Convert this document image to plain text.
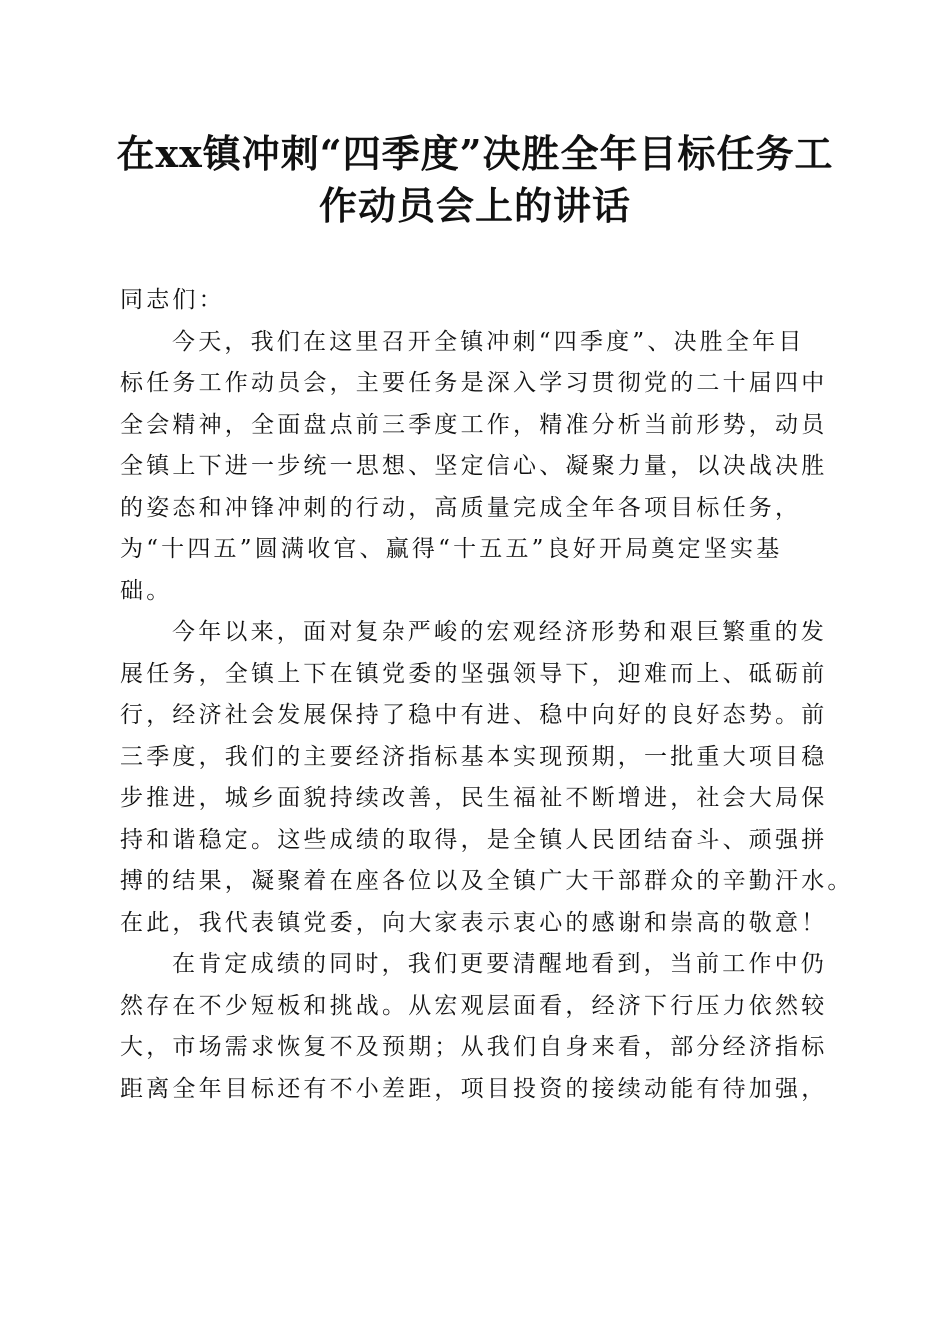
在xx镇冲刺“四季度”决胜全年目标任务工
作动员会上的讲话

同志们：

今天，我们在这里召开全镇冲刺“四季度”、决胜全年目
标任务工作动员会，主要任务是深入学习贯彻党的二十届四中
全会精神，全面盘点前三季度工作，精准分析当前形势，动员
全镇上下进一步统一思想、坚定信心、凝聚力量，以决战决胜
的姿态和冲锋冲刺的行动，高质量完成全年各项目标任务，
为“十四五”圆满收官、赢得“十五五”良好开局奠定坚实基
础。

今年以来，面对复杂严峻的宏观经济形势和艰巨繁重的发
展任务，全镇上下在镇党委的坚强领导下，迎难而上、砥砺前
行，经济社会发展保持了稳中有进、稳中向好的良好态势。前
三季度，我们的主要经济指标基本实现预期，一批重大项目稳
步推进，城乡面貌持续改善，民生福祉不断增进，社会大局保
持和谐稳定。这些成绩的取得，是全镇人民团结奋斗、顽强拼
搏的结果，凝聚着在座各位以及全镇广大干部群众的辛勤汗水。
在此，我代表镇党委，向大家表示衷心的感谢和崇高的敬意！

在肯定成绩的同时，我们更要清醒地看到，当前工作中仍
然存在不少短板和挑战。从宏观层面看，经济下行压力依然较
大，市场需求恢复不及预期；从我们自身来看，部分经济指标
距离全年目标还有不小差距，项目投资的接续动能有待加强，
